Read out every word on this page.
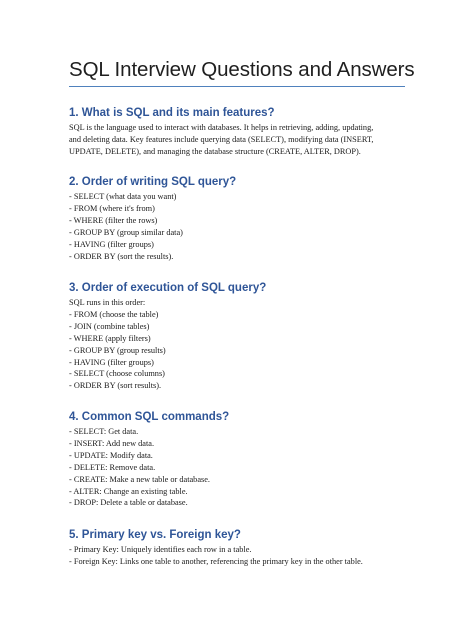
SQL Interview Questions and Answers
1. What is SQL and its main features?
SQL is the language used to interact with databases. It helps in retrieving, adding, updating,
and deleting data. Key features include querying data (SELECT), modifying data (INSERT,
UPDATE, DELETE), and managing the database structure (CREATE, ALTER, DROP).
2. Order of writing SQL query?
- SELECT (what data you want)
- FROM (where it's from)
- WHERE (filter the rows)
- GROUP BY (group similar data)
- HAVING (filter groups)
- ORDER BY (sort the results).
3. Order of execution of SQL query?
SQL runs in this order:
- FROM (choose the table)
- JOIN (combine tables)
- WHERE (apply filters)
- GROUP BY (group results)
- HAVING (filter groups)
- SELECT (choose columns)
- ORDER BY (sort results).
4. Common SQL commands?
- SELECT: Get data.
- INSERT: Add new data.
- UPDATE: Modify data.
- DELETE: Remove data.
- CREATE: Make a new table or database.
- ALTER: Change an existing table.
- DROP: Delete a table or database.
5. Primary key vs. Foreign key?
- Primary Key: Uniquely identifies each row in a table.
- Foreign Key: Links one table to another, referencing the primary key in the other table.
